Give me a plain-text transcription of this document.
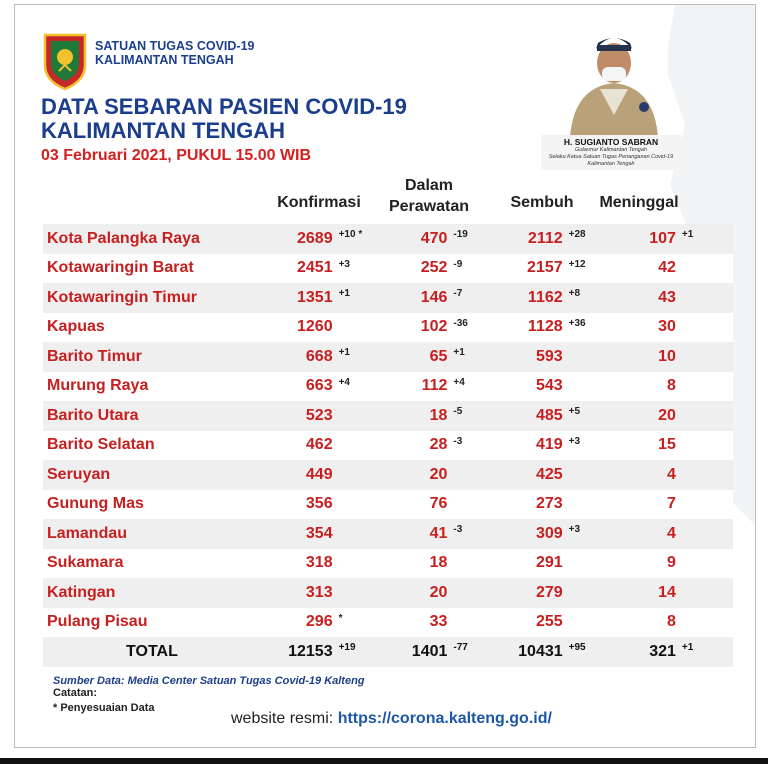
SATUAN TUGAS COVID-19
KALIMANTAN TENGAH
DATA SEBARAN PASIEN COVID-19
KALIMANTAN TENGAH
03 Februari 2021, PUKUL 15.00 WIB
H. SUGIANTO SABRAN
Gubernur Kalimantan Tengah
Selaku Ketua Satuan Tugas Penanganan Covid-19
Kalimantan Tengah
Konfirmasi
Dalam
Perawatan	Sembuh	Meninggal
Kota Palangka Raya	2689	+10 *	470	-19	2112	+28	107	+1
Kotawaringin Barat	2451	+3	252	-9	2157	+12	42	
Kotawaringin Timur	1351	+1	146	-7	1162	+8	43	
Kapuas	1260		102	-36	1128	+36	30	
Barito Timur	668	+1	65	+1	593		10	
Murung Raya	663	+4	112	+4	543		8	
Barito Utara	523		18	-5	485	+5	20	
Barito Selatan	462		28	-3	419	+3	15	
Seruyan	449		20		425		4	
Gunung Mas	356		76		273		7	
Lamandau	354		41	-3	309	+3	4	
Sukamara	318		18		291		9	
Katingan	313		20		279		14	
Pulang Pisau	296	*	33		255		8	
TOTAL	12153	+19	1401	-77	10431	+95	321	+1
Sumber Data: Media Center Satuan Tugas Covid-19 Kalteng
Catatan:
* Penyesuaian Data
website resmi: https://corona.kalteng.go.id/
